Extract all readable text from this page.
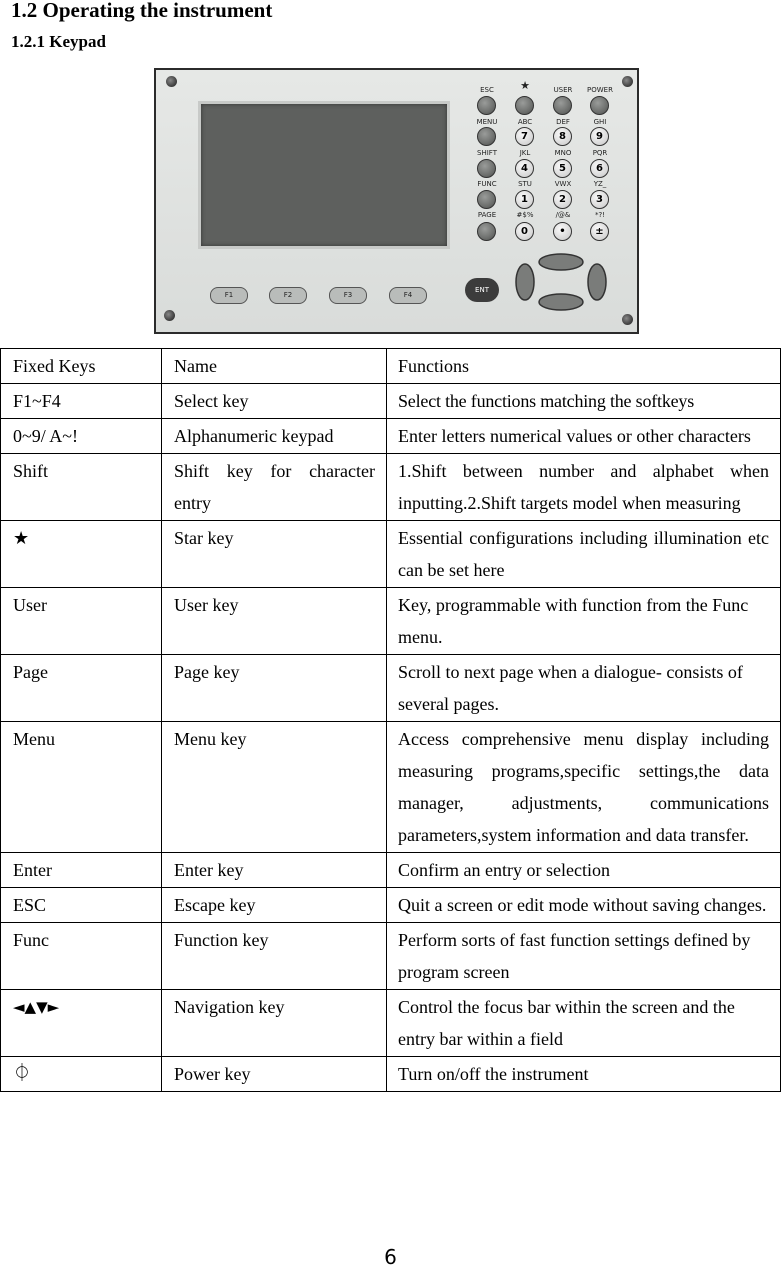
1.2 Operating the instrument
1.2.1 Keypad
ESC	★	USER	POWER
MENU	ABC	DEF	GHI
7	8	9
SHIFT	JKL	MNO	PQR
4	5	6
FUNC	STU	VWX	YZ_
1	2	3
PAGE	#$%	/@&	*?!
0	•	±
F1	F2	F3	F4
ENT
Fixed Keys	Name	Functions
F1~F4	Select key	Select the functions matching the softkeys
0~9/ A~!	Alphanumeric keypad	Enter letters numerical values or other characters
Shift	Shift key for character entry	1.Shift between number and alphabet when inputting.2.Shift targets model when measuring
★	Star key	Essential configurations including illumination etc can be set here
User	User key	Key, programmable with function from the Func menu.
Page	Page key	Scroll to next page when a dialogue- consists of several pages.
Menu	Menu key	Access comprehensive menu display including measuring programs,specific settings,the data manager, adjustments, communications parameters,system information and data transfer.
Enter	Enter key	Confirm an entry or selection
ESC	Escape key	Quit a screen or edit mode without saving changes.
Func	Function key	Perform sorts of fast function settings defined by program screen
◄▲▼►	Navigation key	Control the focus bar within the screen and the entry bar within a field
⏀	Power key	Turn on/off the instrument
6
